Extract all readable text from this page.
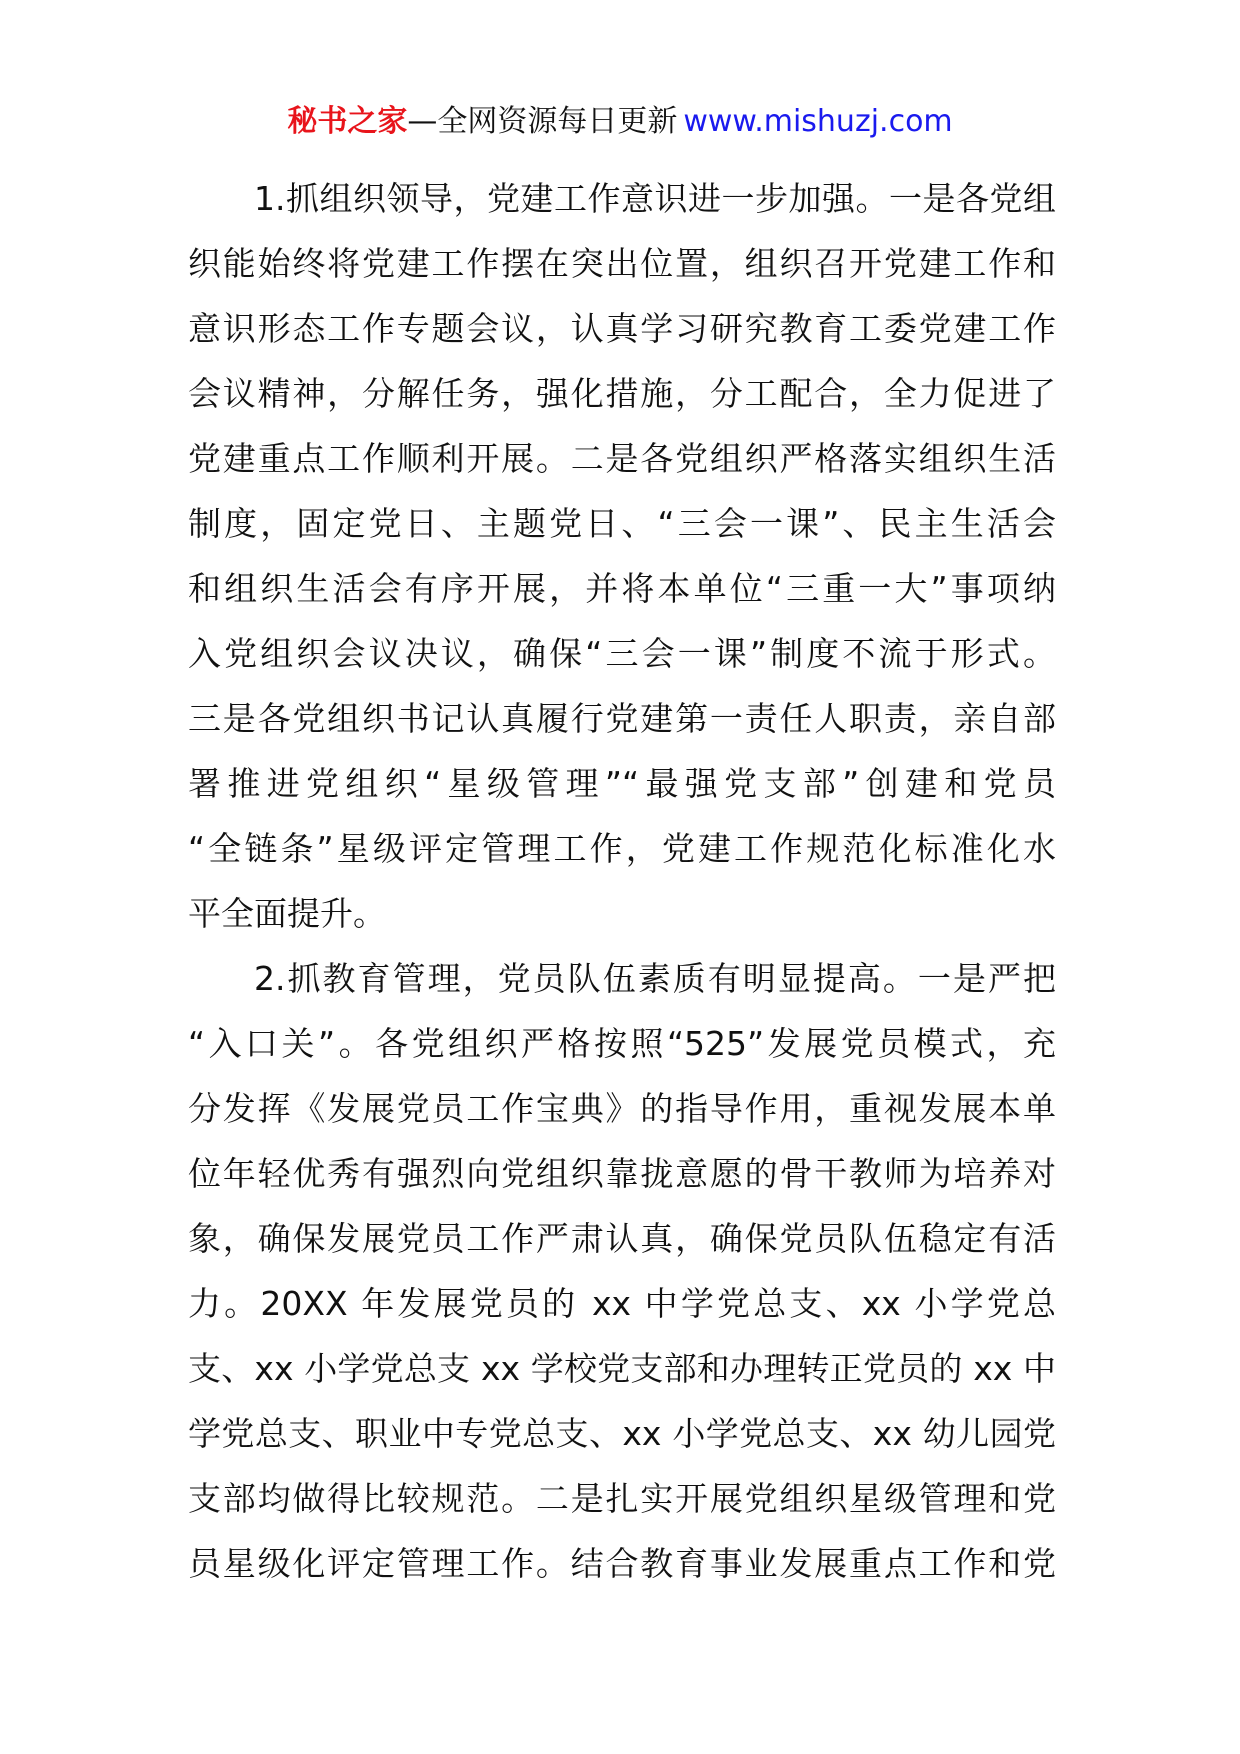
秘书之家—全网资源每日更新 www.mishuzj.com
1.抓组织领导，党建工作意识进一步加强。一是各党组
织能始终将党建工作摆在突出位置，组织召开党建工作和
意识形态工作专题会议，认真学习研究教育工委党建工作
会议精神，分解任务，强化措施，分工配合，全力促进了
党建重点工作顺利开展。二是各党组织严格落实组织生活
制度，固定党日、主题党日、“三会一课”、民主生活会
和组织生活会有序开展，并将本单位“三重一大”事项纳
入党组织会议决议，确保“三会一课”制度不流于形式。
三是各党组织书记认真履行党建第一责任人职责，亲自部
署推进党组织“星级管理”“最强党支部”创建和党员
“全链条”星级评定管理工作，党建工作规范化标准化水
平全面提升。
2.抓教育管理，党员队伍素质有明显提高。一是严把
“入口关”。各党组织严格按照“525”发展党员模式，充
分发挥《发展党员工作宝典》的指导作用，重视发展本单
位年轻优秀有强烈向党组织靠拢意愿的骨干教师为培养对
象，确保发展党员工作严肃认真，确保党员队伍稳定有活
力。20XX 年发展党员的 xx 中学党总支、xx 小学党总
支、xx 小学党总支 xx 学校党支部和办理转正党员的 xx 中
学党总支、职业中专党总支、xx 小学党总支、xx 幼儿园党
支部均做得比较规范。二是扎实开展党组织星级管理和党
员星级化评定管理工作。结合教育事业发展重点工作和党
